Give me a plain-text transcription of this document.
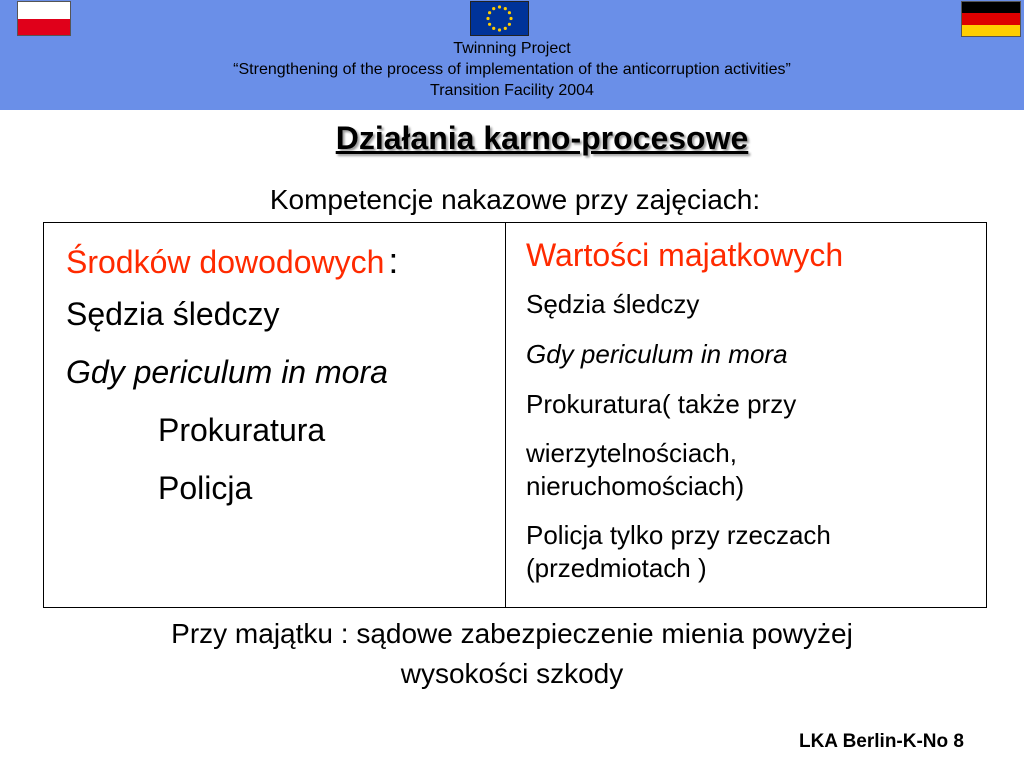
Twinning Project
“Strengthening of the process of implementation of the anticorruption activities”
Transition Facility 2004
Działania karno-procesowe
Kompetencje nakazowe przy zajęciach:
Środków dowodowych :
Sędzia śledczy
Gdy periculum in mora
Prokuratura
Policja
Wartości majatkowych
Sędzia śledczy
Gdy periculum in mora
Prokuratura( także przy
wierzytelnościach,
nieruchomościach)
Policja tylko przy rzeczach
(przedmiotach )
Przy majątku : sądowe zabezpieczenie mienia powyżej
wysokości szkody
LKA Berlin-K-No 8
